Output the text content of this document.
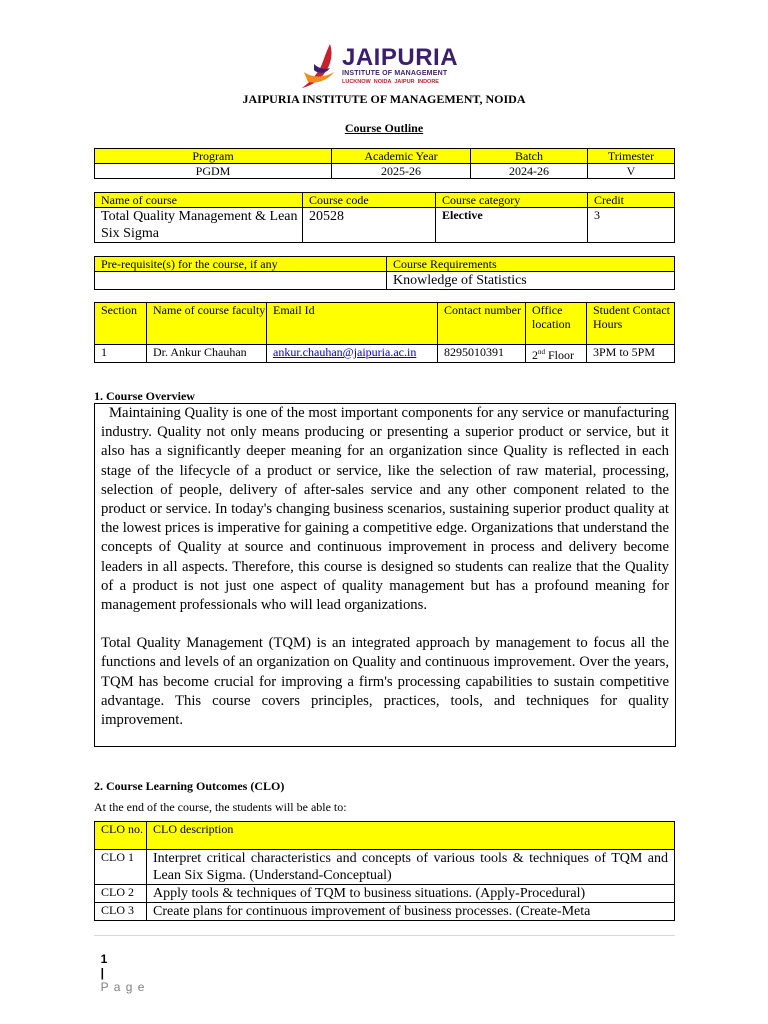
JAIPURIA
INSTITUTE OF MANAGEMENT
LUCKNOW  NOIDA  JAIPUR  INDORE
JAIPURIA INSTITUTE OF MANAGEMENT, NOIDA
Course Outline
Program	Academic Year	Batch	Trimester
PGDM	2025-26	2024-26	V
Name of course	Course code	Course category	Credit
Total Quality Management & Lean Six Sigma	20528	Elective	3
Pre-requisite(s) for the course, if any	Course Requirements
	Knowledge of Statistics
Section	Name of course faculty	Email Id	Contact number	Office location	Student Contact Hours
1	Dr. Ankur Chauhan	ankur.chauhan@jaipuria.ac.in	8295010391	2nd Floor	3PM to 5PM
1. Course Overview

Maintaining Quality is one of the most important components for any service or manufacturing industry. Quality not only means producing or presenting a superior product or service, but it also has a significantly deeper meaning for an organization since Quality is reflected in each stage of the lifecycle of a product or service, like the selection of raw material, processing, selection of people, delivery of after-sales service and any other component related to the product or service. In today's changing business scenarios, sustaining superior product quality at the lowest prices is imperative for gaining a competitive edge. Organizations that understand the concepts of Quality at source and continuous improvement in process and delivery become leaders in all aspects. Therefore, this course is designed so students can realize that the Quality of a product is not just one aspect of quality management but has a profound meaning for management professionals who will lead organizations.

Total Quality Management (TQM) is an integrated approach by management to focus all the functions and levels of an organization on Quality and continuous improvement. Over the years, TQM has become crucial for improving a firm's processing capabilities to sustain competitive advantage. This course covers principles, practices, tools, and techniques for quality improvement.

2. Course Learning Outcomes (CLO)
At the end of the course, the students will be able to:
CLO no.	CLO description
CLO 1	Interpret critical characteristics and concepts of various tools & techniques of TQM and Lean Six Sigma. (Understand-Conceptual)
CLO 2	Apply tools & techniques of TQM to business situations. (Apply-Procedural)
CLO 3	Create plans for continuous improvement of business processes. (Create-Meta

1
|
P a g e
